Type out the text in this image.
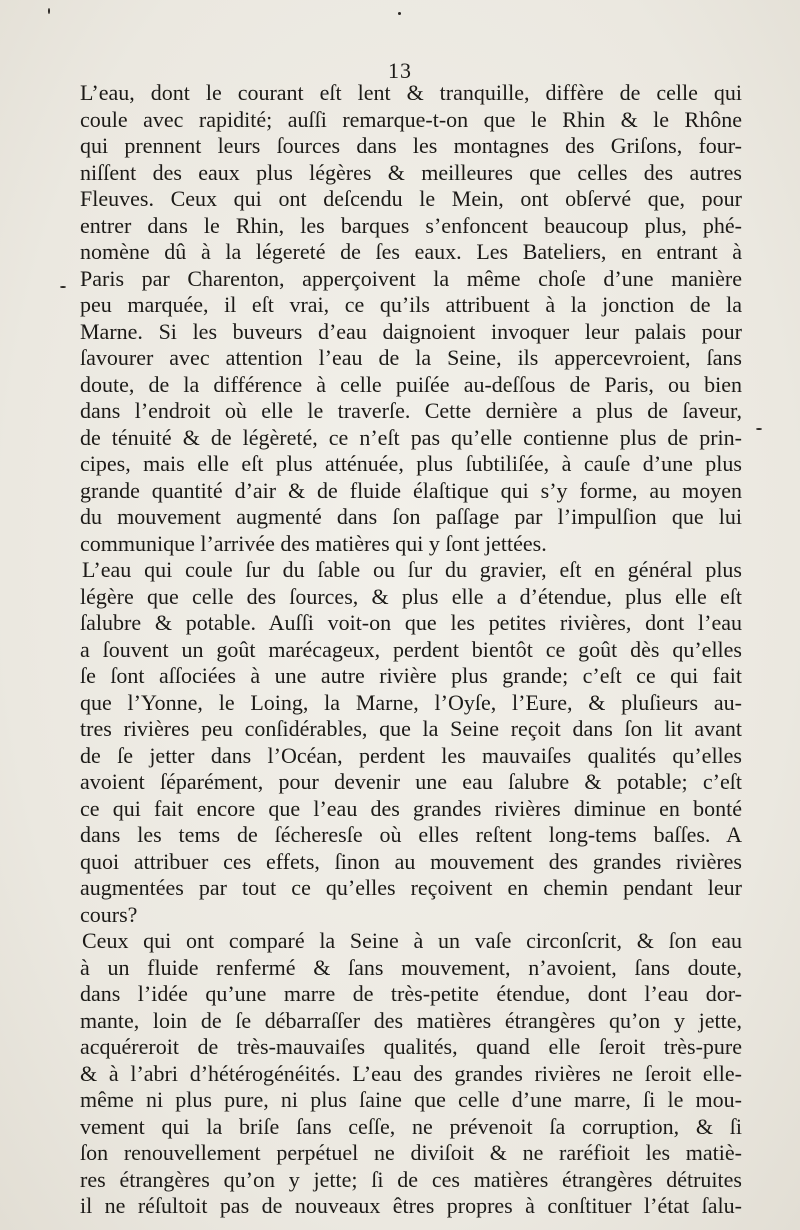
13
L’eau, dont le courant eſt lent & tranquille, diffère de celle qui
coule avec rapidité; auſſi remarque-t-on que le Rhin & le Rhône
qui prennent leurs ſources dans les montagnes des Griſons, four-
niſſent des eaux plus légères & meilleures que celles des autres
Fleuves. Ceux qui ont deſcendu le Mein, ont obſervé que, pour
entrer dans le Rhin, les barques s’enfoncent beaucoup plus, phé-
nomène dû à la légereté de ſes eaux. Les Bateliers, en entrant à
Paris par Charenton, apperçoivent la même choſe d’une manière
peu marquée, il eſt vrai, ce qu’ils attribuent à la jonction de la
Marne. Si les buveurs d’eau daignoient invoquer leur palais pour
ſavourer avec attention l’eau de la Seine, ils appercevroient, ſans
doute, de la différence à celle puiſée au-deſſous de Paris, ou bien
dans l’endroit où elle le traverſe. Cette dernière a plus de ſaveur,
de ténuité & de légèreté, ce n’eſt pas qu’elle contienne plus de prin-
cipes, mais elle eſt plus atténuée, plus ſubtiliſée, à cauſe d’une plus
grande quantité d’air & de fluide élaſtique qui s’y forme, au moyen
du mouvement augmenté dans ſon paſſage par l’impulſion que lui
communique l’arrivée des matières qui y ſont jettées.
L’eau qui coule ſur du ſable ou ſur du gravier, eſt en général plus
légère que celle des ſources, & plus elle a d’étendue, plus elle eſt
ſalubre & potable. Auſſi voit-on que les petites rivières, dont l’eau
a ſouvent un goût marécageux, perdent bientôt ce goût dès qu’elles
ſe ſont aſſociées à une autre rivière plus grande; c’eſt ce qui fait
que l’Yonne, le Loing, la Marne, l’Oyſe, l’Eure, & pluſieurs au-
tres rivières peu conſidérables, que la Seine reçoit dans ſon lit avant
de ſe jetter dans l’Océan, perdent les mauvaiſes qualités qu’elles
avoient ſéparément, pour devenir une eau ſalubre & potable; c’eſt
ce qui fait encore que l’eau des grandes rivières diminue en bonté
dans les tems de ſécheresſe où elles reſtent long-tems baſſes. A
quoi attribuer ces effets, ſinon au mouvement des grandes rivières
augmentées par tout ce qu’elles reçoivent en chemin pendant leur
cours?
Ceux qui ont comparé la Seine à un vaſe circonſcrit, & ſon eau
à un fluide renfermé & ſans mouvement, n’avoient, ſans doute,
dans l’idée qu’une marre de très-petite étendue, dont l’eau dor-
mante, loin de ſe débarraſſer des matières étrangères qu’on y jette,
acquéreroit de très-mauvaiſes qualités, quand elle ſeroit très-pure
& à l’abri d’hétérogénéités. L’eau des grandes rivières ne ſeroit elle-
même ni plus pure, ni plus ſaine que celle d’une marre, ſi le mou-
vement qui la briſe ſans ceſſe, ne prévenoit ſa corruption, & ſi
ſon renouvellement perpétuel ne diviſoit & ne raréfioit les matiè-
res étrangères qu’on y jette; ſi de ces matières étrangères détruites
il ne réſultoit pas de nouveaux êtres propres à conſtituer l’état ſalu-
